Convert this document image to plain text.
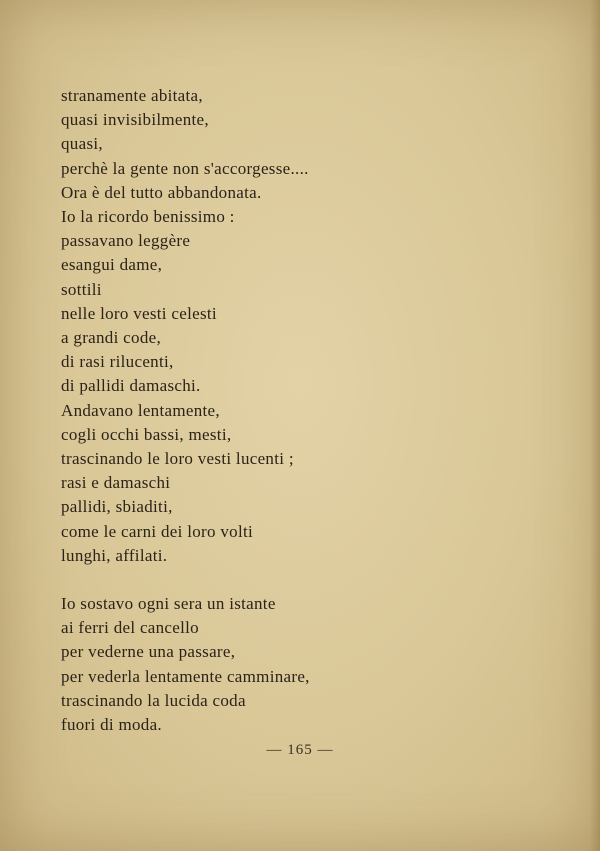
stranamente abitata,
quasi invisibilmente,
quasi,
perchè la gente non s'accorgesse....
Ora è del tutto abbandonata.
Io la ricordo benissimo :
passavano leggère
esangui dame,
sottili
nelle loro vesti celesti
a grandi code,
di rasi rilucenti,
di pallidi damaschi.
Andavano lentamente,
cogli occhi bassi, mesti,
trascinando le loro vesti lucenti ;
rasi e damaschi
pallidi, sbiaditi,
come le carni dei loro volti
lunghi, affilati.
Io sostavo ogni sera un istante
ai ferri del cancello
per vederne una passare,
per vederla lentamente camminare,
trascinando la lucida coda
fuori di moda.
— 165 —
